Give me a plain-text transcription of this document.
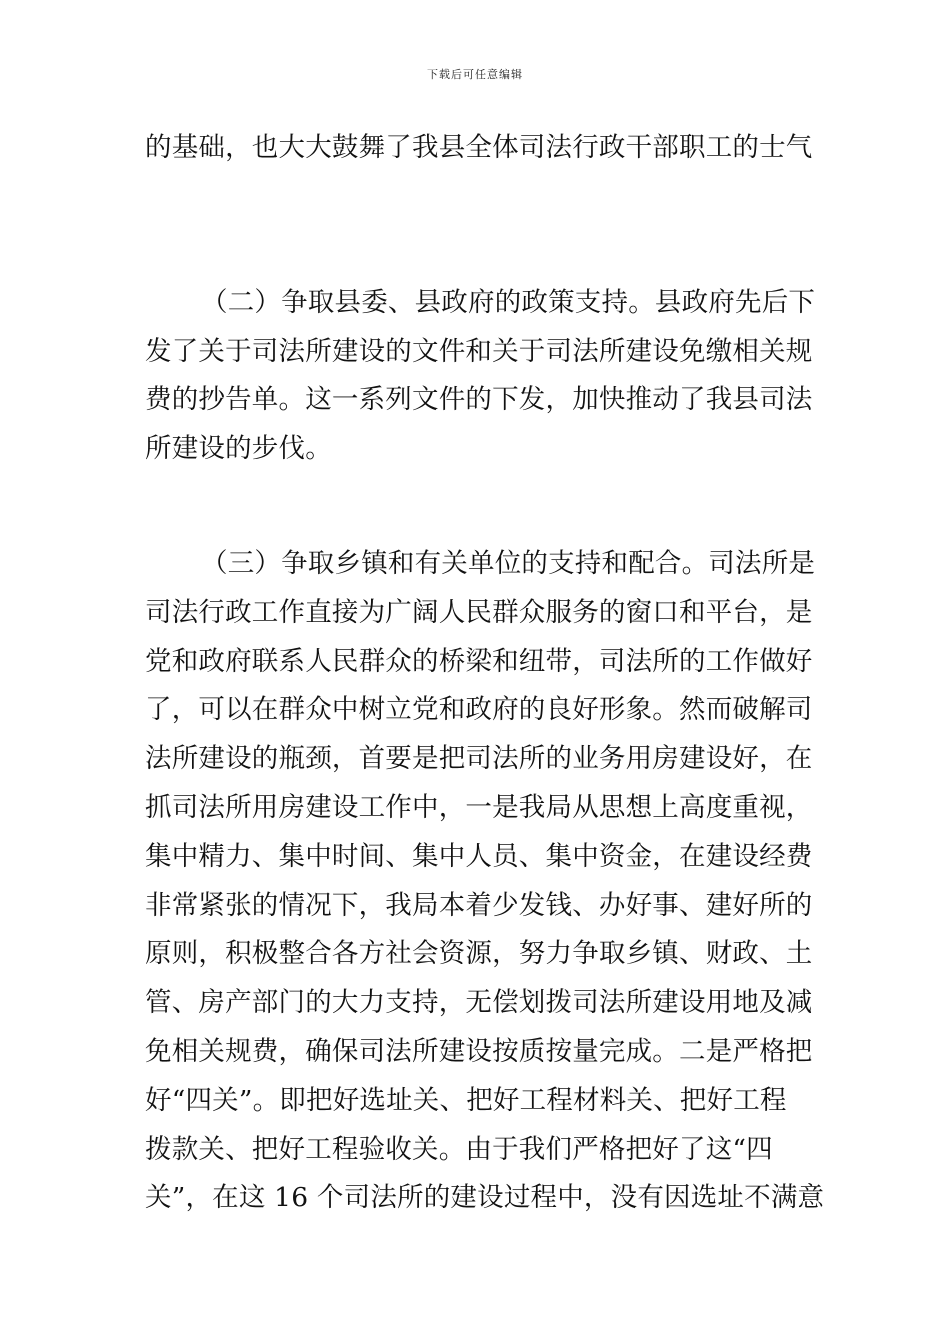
下载后可任意编辑
的基础，也大大鼓舞了我县全体司法行政干部职工的士气
（二）争取县委、县政府的政策支持。县政府先后下
发了关于司法所建设的文件和关于司法所建设免缴相关规
费的抄告单。这一系列文件的下发，加快推动了我县司法
所建设的步伐。
（三）争取乡镇和有关单位的支持和配合。司法所是
司法行政工作直接为广阔人民群众服务的窗口和平台，是
党和政府联系人民群众的桥梁和纽带，司法所的工作做好
了，可以在群众中树立党和政府的良好形象。然而破解司
法所建设的瓶颈，首要是把司法所的业务用房建设好，在
抓司法所用房建设工作中，一是我局从思想上高度重视，
集中精力、集中时间、集中人员、集中资金，在建设经费
非常紧张的情况下，我局本着少发钱、办好事、建好所的
原则，积极整合各方社会资源，努力争取乡镇、财政、土
管、房产部门的大力支持，无偿划拨司法所建设用地及减
免相关规费，确保司法所建设按质按量完成。二是严格把
好“四关”。即把好选址关、把好工程材料关、把好工程
拨款关、把好工程验收关。由于我们严格把好了这“四
关”，在这 16 个司法所的建设过程中，没有因选址不满意
